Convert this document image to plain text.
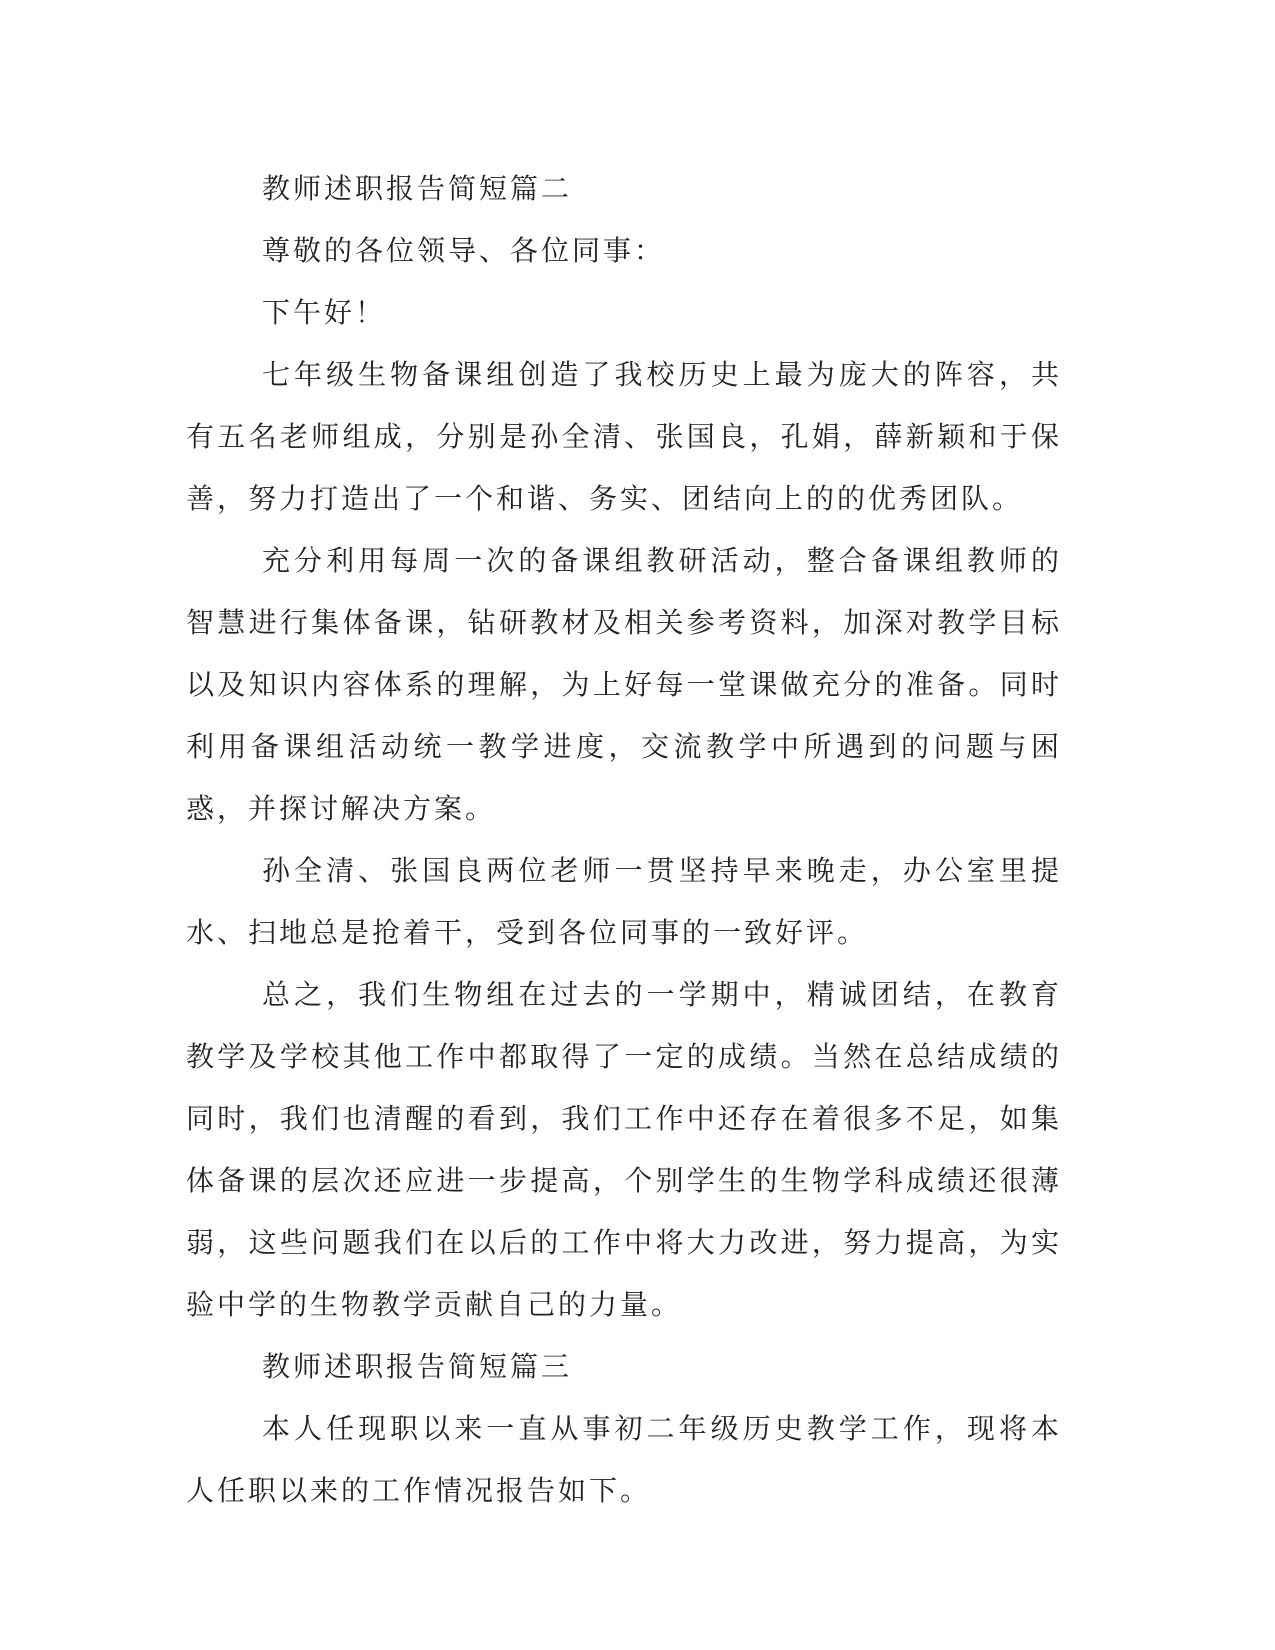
教师述职报告简短篇二

尊敬的各位领导、各位同事：

下午好！

七年级生物备课组创造了我校历史上最为庞大的阵容，共有五名老师组成，分别是孙全清、张国良，孔娟，薛新颖和于保善，努力打造出了一个和谐、务实、团结向上的的优秀团队。

充分利用每周一次的备课组教研活动，整合备课组教师的智慧进行集体备课，钻研教材及相关参考资料，加深对教学目标以及知识内容体系的理解，为上好每一堂课做充分的准备。同时利用备课组活动统一教学进度，交流教学中所遇到的问题与困惑，并探讨解决方案。

孙全清、张国良两位老师一贯坚持早来晚走，办公室里提水、扫地总是抢着干，受到各位同事的一致好评。

总之，我们生物组在过去的一学期中，精诚团结，在教育教学及学校其他工作中都取得了一定的成绩。当然在总结成绩的同时，我们也清醒的看到，我们工作中还存在着很多不足，如集体备课的层次还应进一步提高，个别学生的生物学科成绩还很薄弱，这些问题我们在以后的工作中将大力改进，努力提高，为实验中学的生物教学贡献自己的力量。

教师述职报告简短篇三

本人任现职以来一直从事初二年级历史教学工作，现将本人任职以来的工作情况报告如下。
